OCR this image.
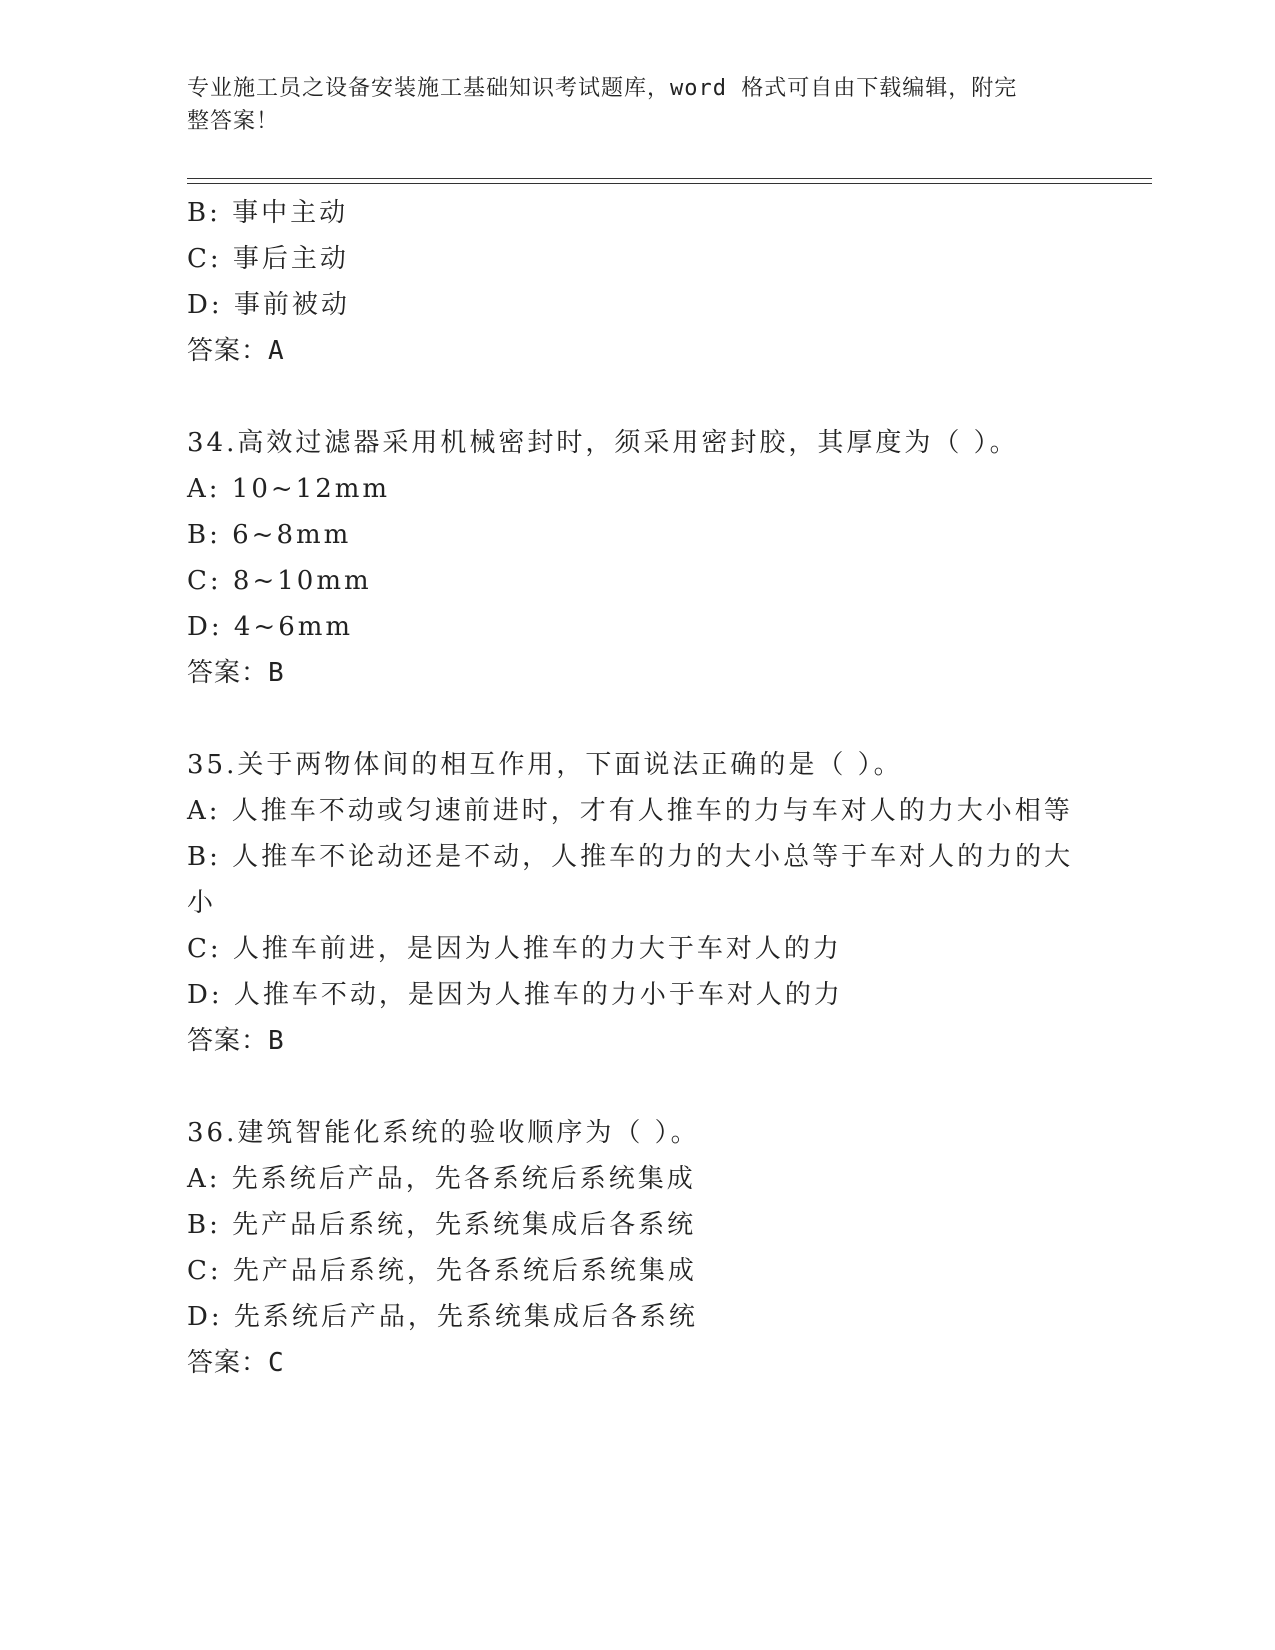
专业施工员之设备安装施工基础知识考试题库，word 格式可自由下载编辑，附完
整答案！
B: 事中主动
C: 事后主动
D: 事前被动
答案：A
34.高效过滤器采用机械密封时，须采用密封胶，其厚度为（ ）。
A: 10~12mm
B: 6~8mm
C: 8~10mm
D: 4~6mm
答案：B
35.关于两物体间的相互作用，下面说法正确的是（ ）。
A: 人推车不动或匀速前进时，才有人推车的力与车对人的力大小相等
B: 人推车不论动还是不动，人推车的力的大小总等于车对人的力的大小
C: 人推车前进，是因为人推车的力大于车对人的力
D: 人推车不动，是因为人推车的力小于车对人的力
答案：B
36.建筑智能化系统的验收顺序为（ ）。
A: 先系统后产品，先各系统后系统集成
B: 先产品后系统，先系统集成后各系统
C: 先产品后系统，先各系统后系统集成
D: 先系统后产品，先系统集成后各系统
答案：C
